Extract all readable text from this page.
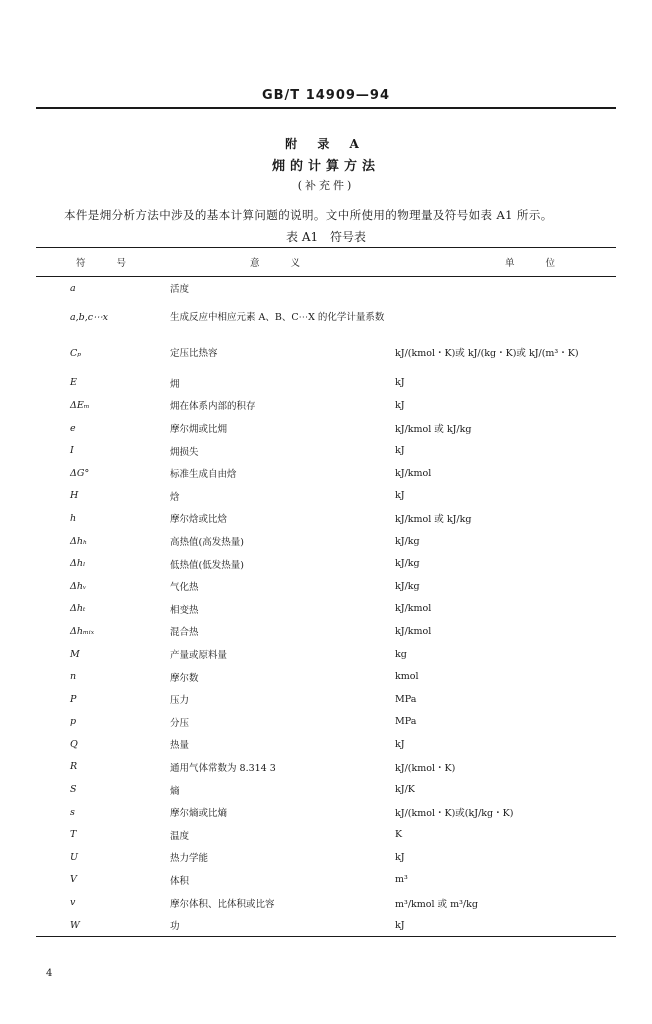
GB/T 14909—94
附 录 A
㶲的计算方法
(补充件)
本件是㶲分析方法中涉及的基本计算问题的说明。文中所使用的物理量及符号如表 A1 所示。
表 A1 符号表
符 号	意 义	单 位
a	活度	
a,b,c⋯x	生成反应中相应元素 A、B、C⋯X 的化学计量系数	
Cₚ	定压比热容	kJ/(kmol・K)或 kJ/(kg・K)或 kJ/(m³・K)
E	㶲	kJ
ΔEₘ	㶲在体系内部的积存	kJ
e	摩尔㶲或比㶲	kJ/kmol 或 kJ/kg
I	㶲损失	kJ
ΔG°	标准生成自由焓	kJ/kmol
H	焓	kJ
h	摩尔焓或比焓	kJ/kmol 或 kJ/kg
Δhₕ	高热值(高发热量)	kJ/kg
Δhₗ	低热值(低发热量)	kJ/kg
Δhᵥ	气化热	kJ/kg
Δhₜ	相变热	kJ/kmol
Δhₘᵢₓ	混合热	kJ/kmol
M	产量或原料量	kg
n	摩尔数	kmol
P	压力	MPa
p	分压	MPa
Q	热量	kJ
R	通用气体常数为 8.314 3	kJ/(kmol・K)
S	熵	kJ/K
s	摩尔熵或比熵	kJ/(kmol・K)或(kJ/kg・K)
T	温度	K
U	热力学能	kJ
V	体积	m³
v	摩尔体积、比体积或比容	m³/kmol 或 m³/kg
W	功	kJ
4
